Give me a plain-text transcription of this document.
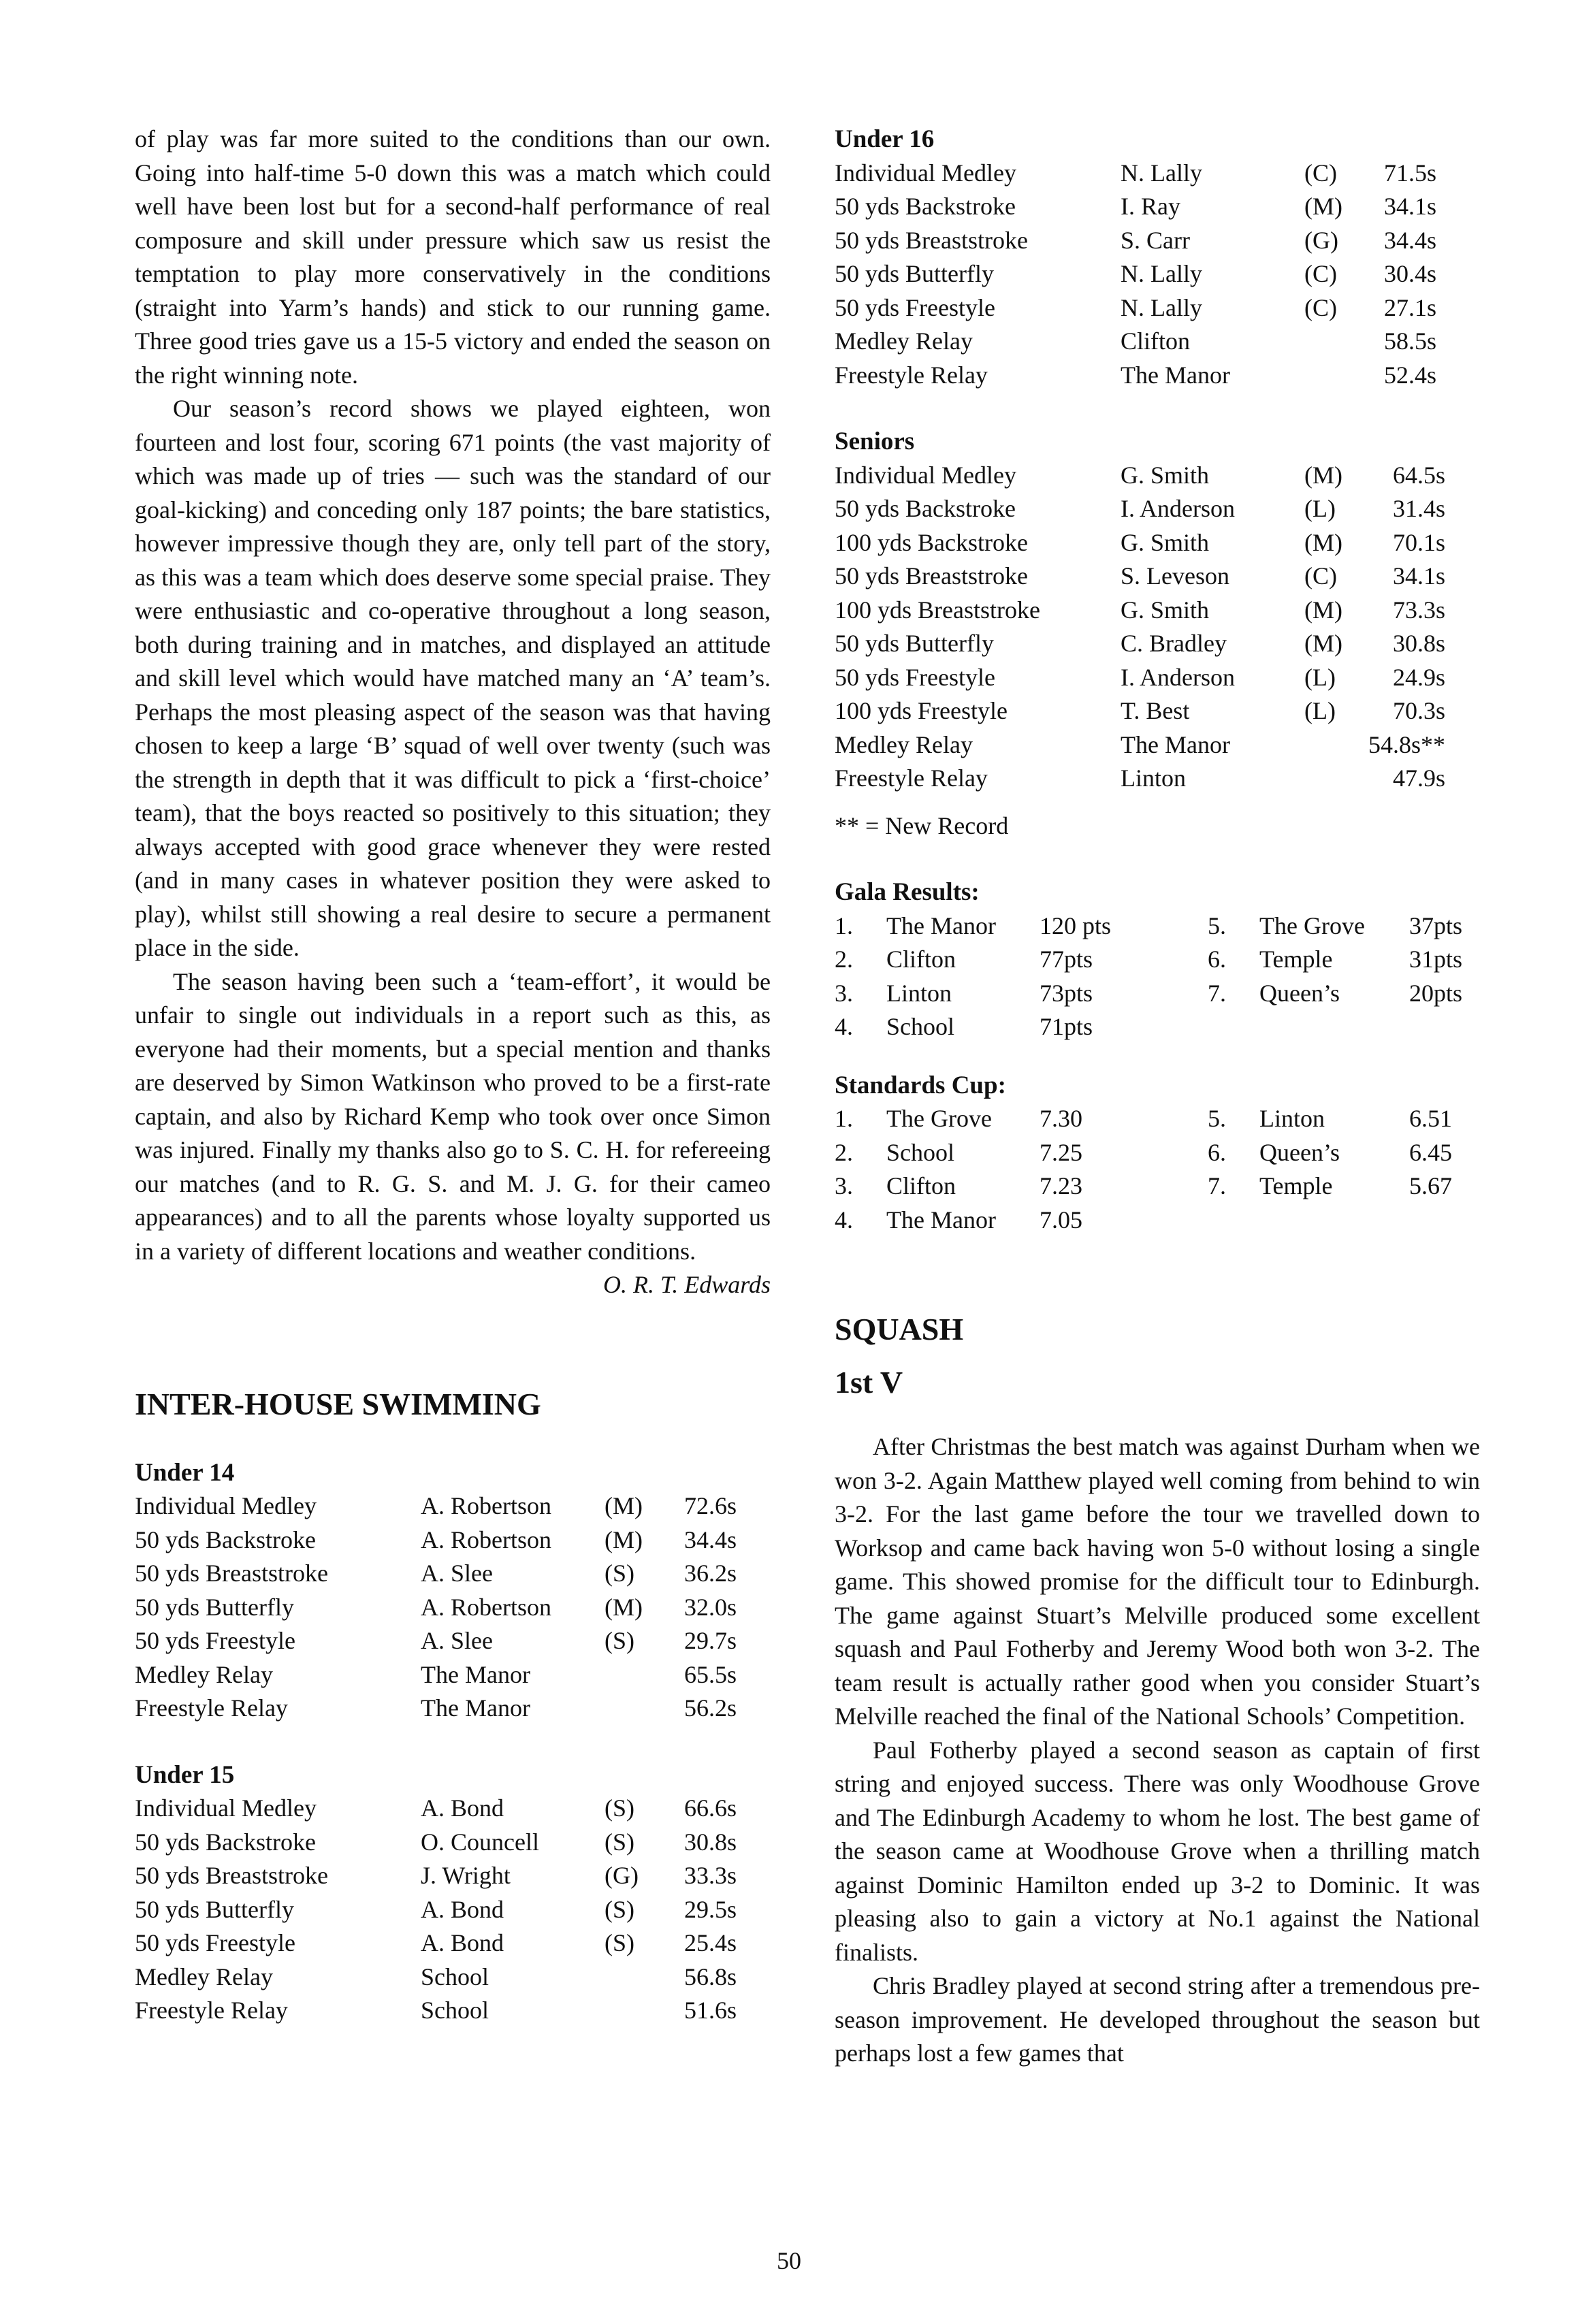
of play was far more suited to the conditions than our own. Going into half-time 5-0 down this was a match which could well have been lost but for a second-half performance of real composure and skill under pressure which saw us resist the temptation to play more conservatively in the conditions (straight into Yarm’s hands) and stick to our running game. Three good tries gave us a 15-5 victory and ended the season on the right winning note.

Our season’s record shows we played eighteen, won fourteen and lost four, scoring 671 points (the vast majority of which was made up of tries — such was the standard of our goal-kicking) and conceding only 187 points; the bare statistics, however impressive though they are, only tell part of the story, as this was a team which does deserve some special praise. They were enthusiastic and co-operative throughout a long season, both during training and in matches, and displayed an attitude and skill level which would have matched many an ‘A’ team’s. Perhaps the most pleasing aspect of the season was that having chosen to keep a large ‘B’ squad of well over twenty (such was the strength in depth that it was difficult to pick a ‘first-choice’ team), that the boys reacted so positively to this situation; they always accepted with good grace whenever they were rested (and in many cases in whatever position they were asked to play), whilst still showing a real desire to secure a permanent place in the side.

The season having been such a ‘team-effort’, it would be unfair to single out individuals in a report such as this, as everyone had their moments, but a special mention and thanks are deserved by Simon Watkinson who proved to be a first-rate captain, and also by Richard Kemp who took over once Simon was injured. Finally my thanks also go to S. C. H. for refereeing our matches (and to R. G. S. and M. J. G. for their cameo appearances) and to all the parents whose loyalty supported us in a variety of different locations and weather conditions.

O. R. T. Edwards

INTER-HOUSE SWIMMING

Under 14

Individual Medley	A. Robertson	(M)	72.6s
50 yds Backstroke	A. Robertson	(M)	34.4s
50 yds Breaststroke	A. Slee	(S)	36.2s
50 yds Butterfly	A. Robertson	(M)	32.0s
50 yds Freestyle	A. Slee	(S)	29.7s
Medley Relay	The Manor		65.5s
Freestyle Relay	The Manor		56.2s

Under 15

Individual Medley	A. Bond	(S)	66.6s
50 yds Backstroke	O. Councell	(S)	30.8s
50 yds Breaststroke	J. Wright	(G)	33.3s
50 yds Butterfly	A. Bond	(S)	29.5s
50 yds Freestyle	A. Bond	(S)	25.4s
Medley Relay	School		56.8s
Freestyle Relay	School		51.6s

Under 16

Individual Medley	N. Lally	(C)	71.5s
50 yds Backstroke	I. Ray	(M)	34.1s
50 yds Breaststroke	S. Carr	(G)	34.4s
50 yds Butterfly	N. Lally	(C)	30.4s
50 yds Freestyle	N. Lally	(C)	27.1s
Medley Relay	Clifton		58.5s
Freestyle Relay	The Manor		52.4s

Seniors

Individual Medley	G. Smith	(M)	64.5s
50 yds Backstroke	I. Anderson	(L)	31.4s
100 yds Backstroke	G. Smith	(M)	70.1s
50 yds Breaststroke	S. Leveson	(C)	34.1s
100 yds Breaststroke	G. Smith	(M)	73.3s
50 yds Butterfly	C. Bradley	(M)	30.8s
50 yds Freestyle	I. Anderson	(L)	24.9s
100 yds Freestyle	T. Best	(L)	70.3s
Medley Relay	The Manor		54.8s**
Freestyle Relay	Linton		47.9s

** = New Record

Gala Results:

1.	The Manor	120 pts
2.	Clifton	77pts
3.	Linton	73pts
4.	School	71pts
5.	The Grove	37pts
6.	Temple	31pts
7.	Queen’s	20pts

Standards Cup:

1.	The Grove	7.30
2.	School	7.25
3.	Clifton	7.23
4.	The Manor	7.05
5.	Linton	6.51
6.	Queen’s	6.45
7.	Temple	5.67
SQUASH
1st V

After Christmas the best match was against Durham when we won 3-2. Again Matthew played well coming from behind to win 3-2. For the last game before the tour we travelled down to Worksop and came back having won 5-0 without losing a single game. This showed promise for the difficult tour to Edinburgh. The game against Stuart’s Melville produced some excellent squash and Paul Fotherby and Jeremy Wood both won 3-2. The team result is actually rather good when you consider Stuart’s Melville reached the final of the National Schools’ Competition.

Paul Fotherby played a second season as captain of first string and enjoyed success. There was only Woodhouse Grove and The Edinburgh Academy to whom he lost. The best game of the season came at Woodhouse Grove when a thrilling match against Dominic Hamilton ended up 3-2 to Dominic. It was pleasing also to gain a victory at No.1 against the National finalists.

Chris Bradley played at second string after a tremendous pre-season improvement. He developed throughout the season but perhaps lost a few games that

50
